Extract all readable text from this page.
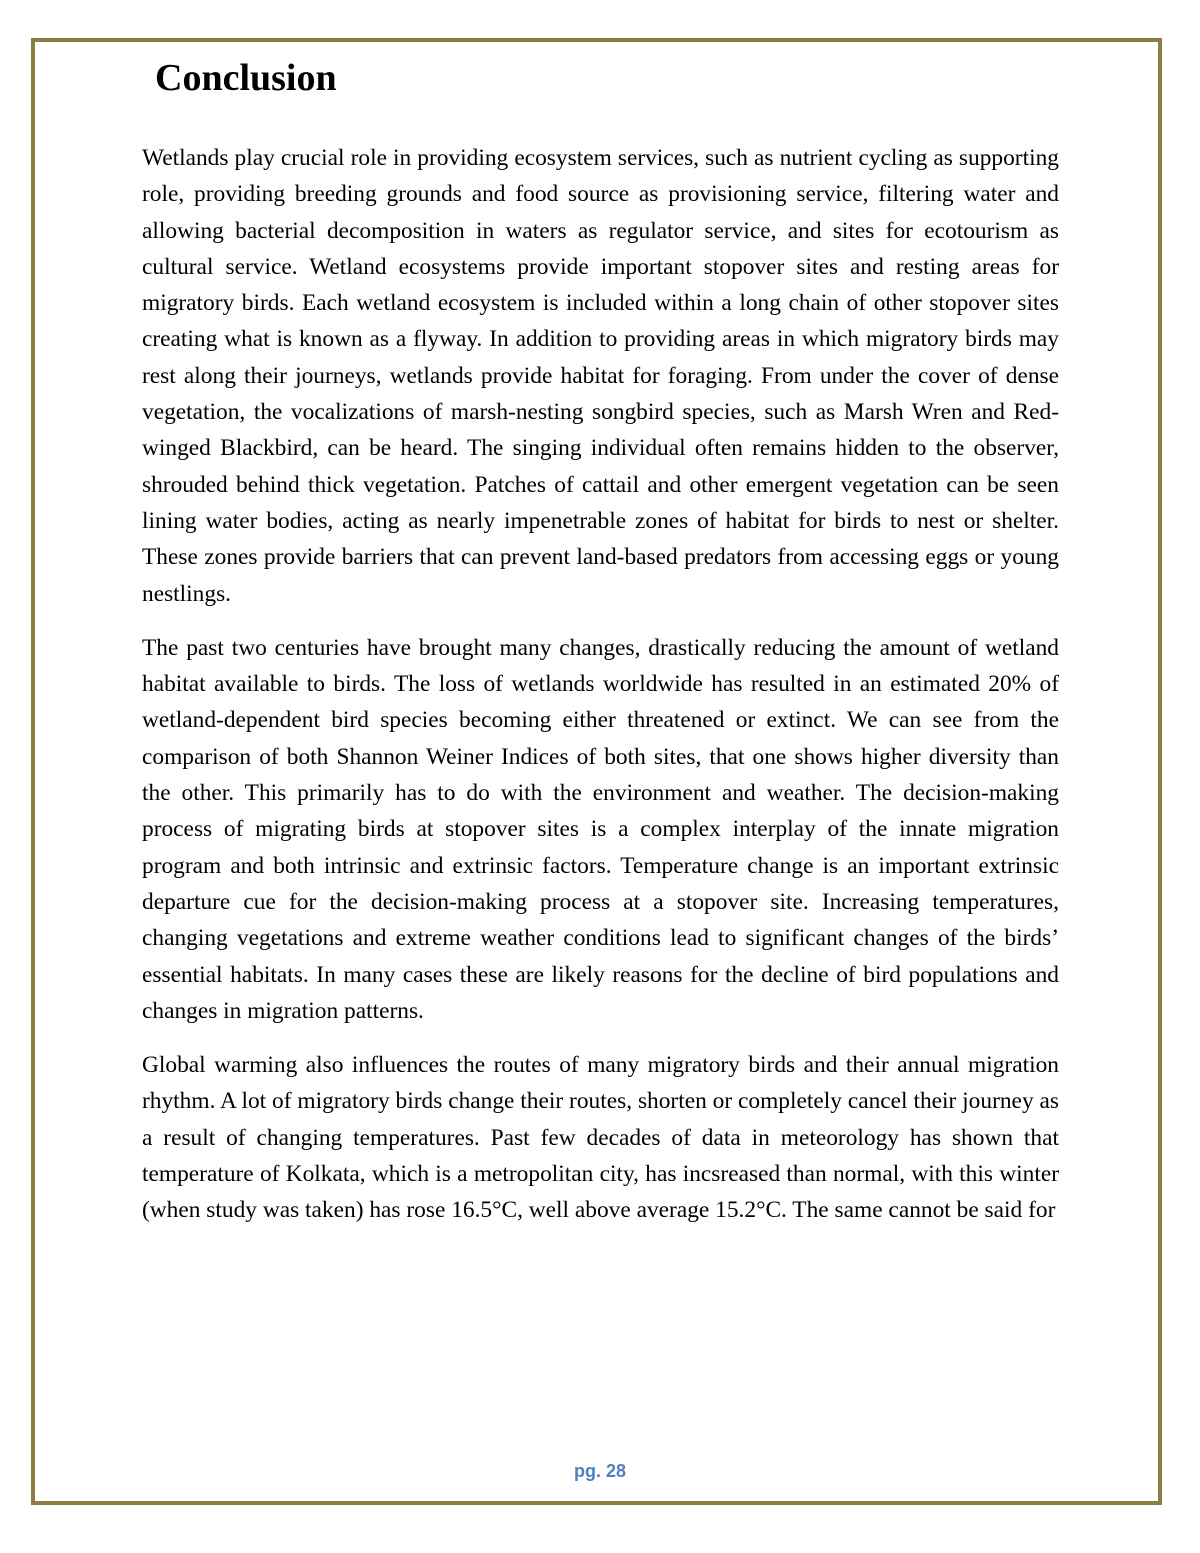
Conclusion

Wetlands play crucial role in providing ecosystem services, such as nutrient cycling as supporting role, providing breeding grounds and food source as provisioning service, filtering water and allowing bacterial decomposition in waters as regulator service, and sites for ecotourism as cultural service. Wetland ecosystems provide important stopover sites and resting areas for migratory birds. Each wetland ecosystem is included within a long chain of other stopover sites creating what is known as a flyway. In addition to providing areas in which migratory birds may rest along their journeys, wetlands provide habitat for foraging. From under the cover of dense vegetation, the vocalizations of marsh-nesting songbird species, such as Marsh Wren and Red-winged Blackbird, can be heard. The singing individual often remains hidden to the observer, shrouded behind thick vegetation. Patches of cattail and other emergent vegetation can be seen lining water bodies, acting as nearly impenetrable zones of habitat for birds to nest or shelter. These zones provide barriers that can prevent land-based predators from accessing eggs or young nestlings.

The past two centuries have brought many changes, drastically reducing the amount of wetland habitat available to birds. The loss of wetlands worldwide has resulted in an estimated 20% of wetland-dependent bird species becoming either threatened or extinct. We can see from the comparison of both Shannon Weiner Indices of both sites, that one shows higher diversity than the other. This primarily has to do with the environment and weather. The decision-making process of migrating birds at stopover sites is a complex interplay of the innate migration program and both intrinsic and extrinsic factors. Temperature change is an important extrinsic departure cue for the decision-making process at a stopover site. Increasing temperatures, changing vegetations and extreme weather conditions lead to significant changes of the birds’ essential habitats. In many cases these are likely reasons for the decline of bird populations and changes in migration patterns.

Global warming also influences the routes of many migratory birds and their annual migration rhythm. A lot of migratory birds change their routes, shorten or completely cancel their journey as a result of changing temperatures. Past few decades of data in meteorology has shown that temperature of Kolkata, which is a metropolitan city, has incsreased than normal, with this winter (when study was taken) has rose 16.5°C, well above average 15.2°C. The same cannot be said for

pg. 28
